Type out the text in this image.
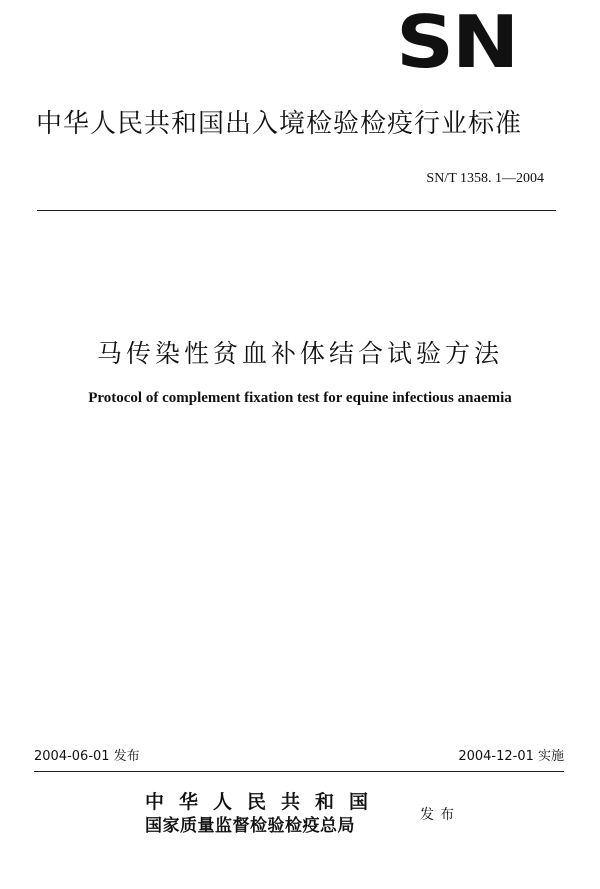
SN
中华人民共和国出入境检验检疫行业标准
SN/T 1358. 1—2004
马传染性贫血补体结合试验方法
Protocol of complement fixation test for equine infectious anaemia
2004-06-01 发布	2004-12-01 实施
中华人民共和国
国家质量监督检验检疫总局
发布
